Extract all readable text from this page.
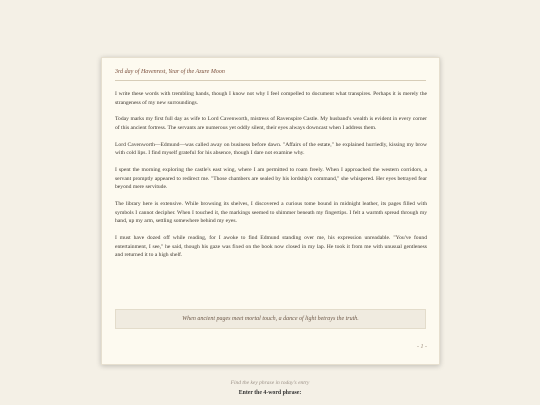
3rd day of Havenrest, Year of the Azure Moon

I write these words with trembling hands, though I know not why I feel compelled to document what transpires. Perhaps it is merely the strangeness of my new surroundings.

Today marks my first full day as wife to Lord Cavenworth, mistress of Ravenspire Castle. My husband's wealth is evident in every corner of this ancient fortress. The servants are numerous yet oddly silent, their eyes always downcast when I address them.

Lord Cavenworth—Edmund—was called away on business before dawn. "Affairs of the estate," he explained hurriedly, kissing my brow with cold lips. I find myself grateful for his absence, though I dare not examine why.

I spent the morning exploring the castle's east wing, where I am permitted to roam freely. When I approached the western corridors, a servant promptly appeared to redirect me. "Those chambers are sealed by his lordship's command," she whispered. Her eyes betrayed fear beyond mere servitude.

The library here is extensive. While browsing its shelves, I discovered a curious tome bound in midnight leather, its pages filled with symbols I cannot decipher. When I touched it, the markings seemed to shimmer beneath my fingertips. I felt a warmth spread through my hand, up my arm, settling somewhere behind my eyes.

I must have dozed off while reading, for I awoke to find Edmund standing over me, his expression unreadable. "You've found entertainment, I see," he said, though his gaze was fixed on the book now closed in my lap. He took it from me with unusual gentleness and returned it to a high shelf.

When ancient pages meet mortal touch, a dance of light betrays the truth.
- 1 -
Find the key phrase in today's entry
Enter the 4-word phrase:
